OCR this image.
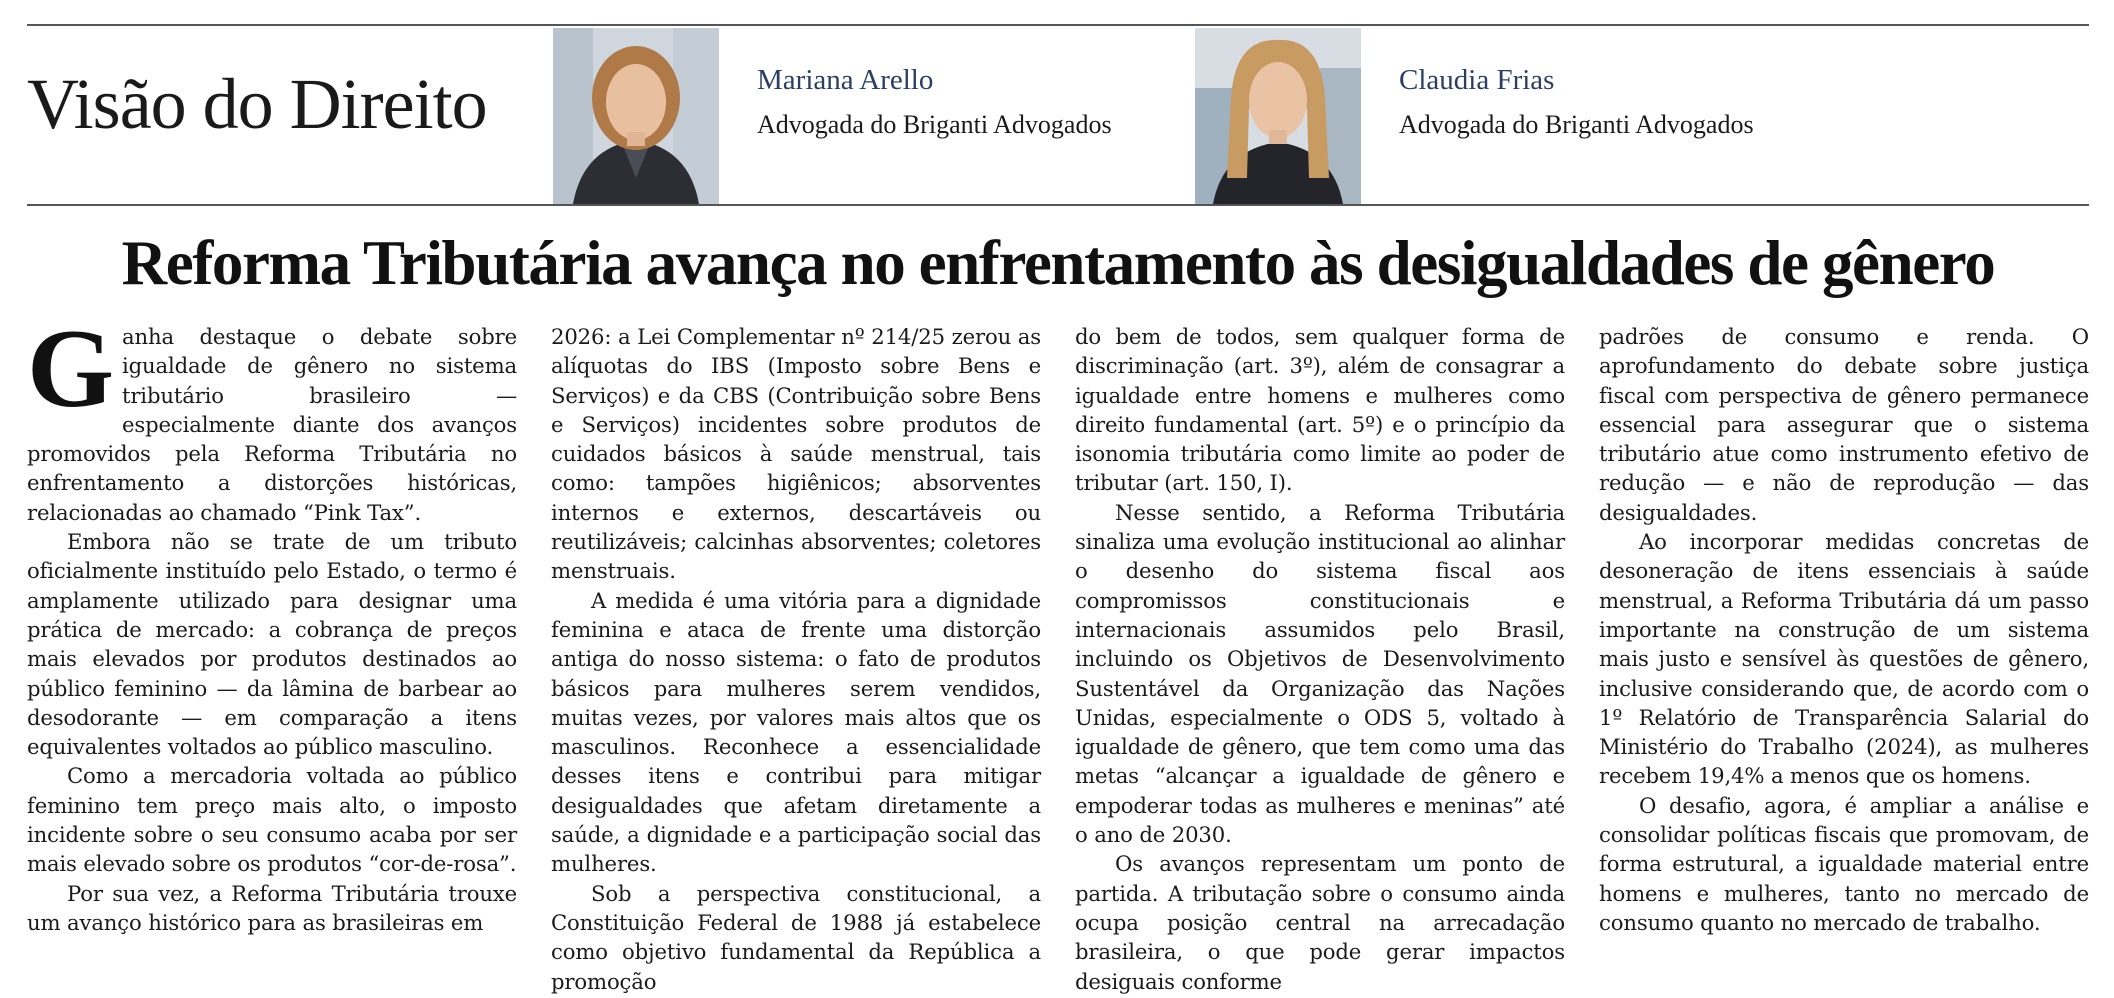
Visão do Direito	Mariana Arello
Advogada do Briganti Advogados
Claudia Frias
Advogada do Briganti Advogados
Reforma Tributária avança no enfrentamento às desigualdades de gênero

Ganha destaque o debate sobre igualdade de gênero no sistema tributário brasileiro — especialmente diante dos avanços promovidos pela Reforma Tributária no enfrentamento a distorções históricas, relacionadas ao chamado “Pink Tax”.

Embora não se trate de um tributo oficialmente instituído pelo Estado, o termo é amplamente utilizado para designar uma prática de mercado: a cobrança de preços mais elevados por produtos destinados ao público feminino — da lâmina de barbear ao desodorante — em comparação a itens equivalentes voltados ao público masculino.

Como a mercadoria voltada ao público feminino tem preço mais alto, o imposto incidente sobre o seu consumo acaba por ser mais elevado sobre os produtos “cor-de-rosa”.

Por sua vez, a Reforma Tributária trouxe um avanço histórico para as brasileiras em

2026: a Lei Complementar nº 214/25 zerou as alíquotas do IBS (Imposto sobre Bens e Serviços) e da CBS (Contribuição sobre Bens e Serviços) incidentes sobre produtos de cuidados básicos à saúde menstrual, tais como: tampões higiênicos; absorventes internos e externos, descartáveis ou reutilizáveis; calcinhas absorventes; coletores menstruais.

A medida é uma vitória para a dignidade feminina e ataca de frente uma distorção antiga do nosso sistema: o fato de produtos básicos para mulheres serem vendidos, muitas vezes, por valores mais altos que os masculinos. Reconhece a essencialidade desses itens e contribui para mitigar desigualdades que afetam diretamente a saúde, a dignidade e a participação social das mulheres.

Sob a perspectiva constitucional, a Constituição Federal de 1988 já estabelece como objetivo fundamental da República a promoção

do bem de todos, sem qualquer forma de discriminação (art. 3º), além de consagrar a igualdade entre homens e mulheres como direito fundamental (art. 5º) e o princípio da isonomia tributária como limite ao poder de tributar (art. 150, I).

Nesse sentido, a Reforma Tributária sinaliza uma evolução institucional ao alinhar o desenho do sistema fiscal aos compromissos constitucionais e internacionais assumidos pelo Brasil, incluindo os Objetivos de Desenvolvimento Sustentável da Organização das Nações Unidas, especialmente o ODS 5, voltado à igualdade de gênero, que tem como uma das metas “alcançar a igualdade de gênero e empoderar todas as mulheres e meninas” até o ano de 2030.

Os avanços representam um ponto de partida. A tributação sobre o consumo ainda ocupa posição central na arrecadação brasileira, o que pode gerar impactos desiguais conforme

padrões de consumo e renda. O aprofundamento do debate sobre justiça fiscal com perspectiva de gênero permanece essencial para assegurar que o sistema tributário atue como instrumento efetivo de redução — e não de reprodução — das desigualdades.

Ao incorporar medidas concretas de desoneração de itens essenciais à saúde menstrual, a Reforma Tributária dá um passo importante na construção de um sistema mais justo e sensível às questões de gênero, inclusive considerando que, de acordo com o 1º Relatório de Transparência Salarial do Ministério do Trabalho (2024), as mulheres recebem 19,4% a menos que os homens.

O desafio, agora, é ampliar a análise e consolidar políticas fiscais que promovam, de forma estrutural, a igualdade material entre homens e mulheres, tanto no mercado de consumo quanto no mercado de trabalho.
